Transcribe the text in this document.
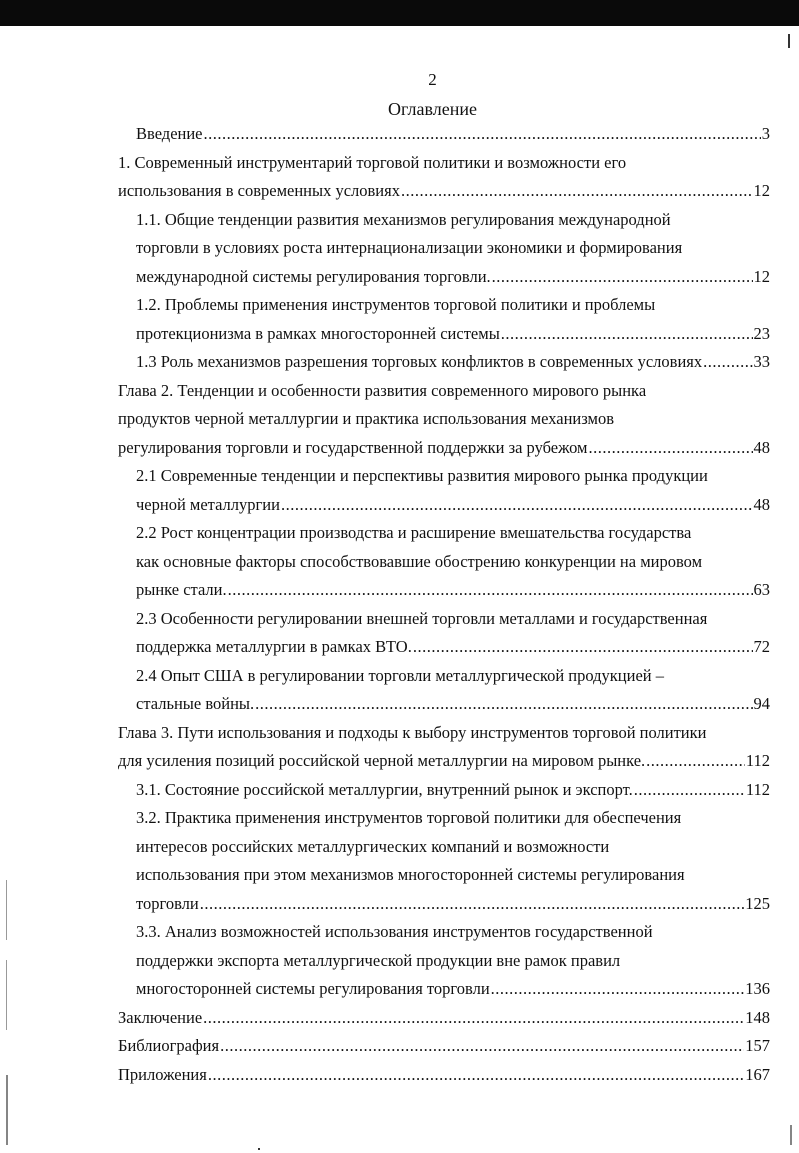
2
Оглавление
Введение .....	3
1. Современный инструментарий торговой политики и возможности его
использования в современных условиях .....	12
1.1. Общие тенденции развития механизмов регулирования международной
торговли в условиях роста интернационализации экономики и формирования
международной системы регулирования торговли. .....	12
1.2. Проблемы применения инструментов торговой политики и проблемы
протекционизма в рамках многосторонней системы .....	23
1.3 Роль механизмов разрешения торговых конфликтов в современных условиях .....	33
Глава 2. Тенденции и особенности развития современного мирового рынка
продуктов черной металлургии и практика использования механизмов
регулирования торговли и государственной поддержки за рубежом .....	48
2.1 Современные тенденции и перспективы развития мирового рынка продукции
черной металлургии .....	48
2.2 Рост концентрации производства и расширение вмешательства государства
как основные факторы способствовавшие обострению конкуренции на мировом
рынке стали. .....	63
2.3 Особенности регулировании внешней торговли металлами и государственная
поддержка металлургии в рамках ВТО. .....	72
2.4 Опыт США в регулировании торговли металлургической продукцией –
стальные войны. .....	94
Глава 3. Пути использования и подходы к выбору инструментов торговой политики
для усиления позиций российской черной металлургии на мировом рынке. .....	112
3.1. Состояние российской металлургии, внутренний рынок и экспорт. .....	112
3.2. Практика применения инструментов торговой политики для обеспечения
интересов российских металлургических компаний и возможности
использования при этом механизмов многосторонней системы регулирования
торговли .....	125
3.3. Анализ возможностей использования инструментов государственной
поддержки экспорта металлургической продукции вне рамок правил
многосторонней системы регулирования торговли .....	136
Заключение .....	148
Библиография .....	157
Приложения .....	167
